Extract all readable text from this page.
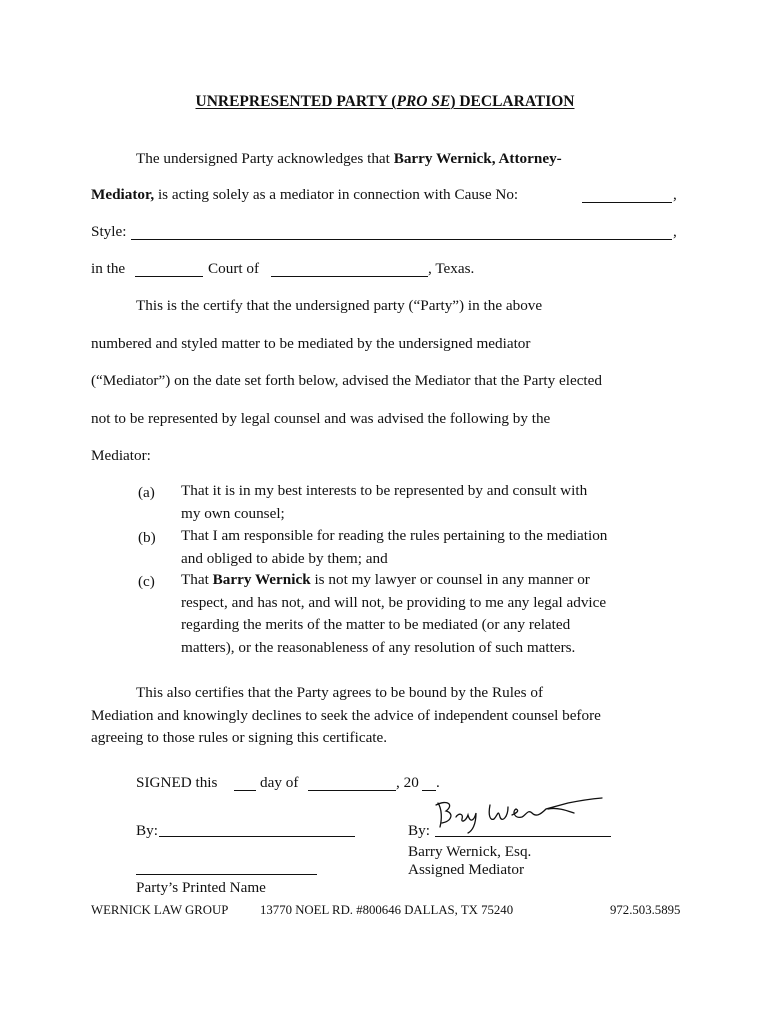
UNREPRESENTED PARTY (PRO SE) DECLARATION
The undersigned Party acknowledges that Barry Wernick, Attorney-
Mediator, is acting solely as a mediator in connection with Cause No:	,
Style:	,
in the	Court of	, Texas.
This is the certify that the undersigned party (“Party”) in the above
numbered and styled matter to be mediated by the undersigned mediator
(“Mediator”) on the date set forth below, advised the Mediator that the Party elected
not to be represented by legal counsel and was advised the following by the
Mediator:
(a) That it is in my best interests to be represented by and consult with
my own counsel;
(b) That I am responsible for reading the rules pertaining to the mediation
and obliged to abide by them; and
(c) That Barry Wernick is not my lawyer or counsel in any manner or
respect, and has not, and will not, be providing to me any legal advice
regarding the merits of the matter to be mediated (or any related
matters), or the reasonableness of any resolution of such matters.
This also certifies that the Party agrees to be bound by the Rules of
Mediation and knowingly declines to seek the advice of independent counsel before
agreeing to those rules or signing this certificate.
SIGNED this	day of	, 20 .
By:	By:
Barry Wernick, Esq.
Assigned Mediator
Party’s Printed Name
WERNICK LAW GROUP 13770 NOEL RD. #800646 DALLAS, TX 75240	972.503.5895
